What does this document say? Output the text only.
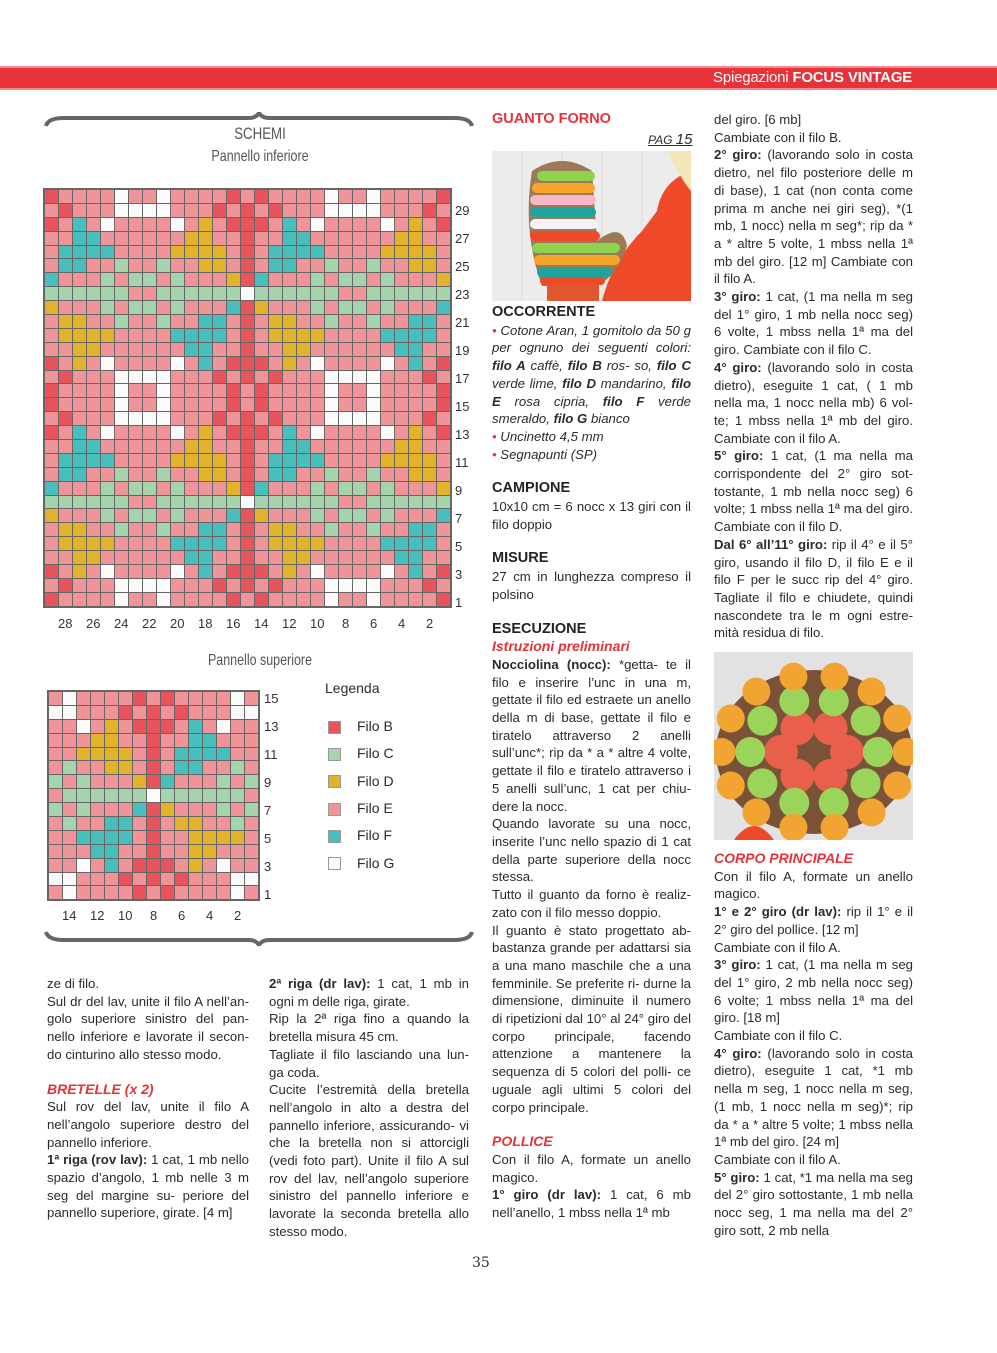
Spiegazioni FOCUS VINTAGE
SCHEMI
Pannello inferiore
29
27
25
23
21
19
17
15
13
11
9
7
5
3
1
28 26 24 22 20 18 16 14 12 10 8 6 4 2
Pannello superiore
15
13
11
9
7
5
3
1
14 12 10 8 6 4 2
Legenda
Filo B
Filo C
Filo D
Filo E
Filo F
Filo G

ze di filo.

Sul dr del lav, unite il filo A nell’an- golo superiore sinistro del pan- nello inferiore e lavorate il secon- do cinturino allo stesso modo.

BRETELLE (x 2)

Sul rov del lav, unite il filo A nell’angolo superiore destro del pannello inferiore.

1ª riga (rov lav): 1 cat, 1 mb nello spazio d’angolo, 1 mb nelle 3 m seg del margine su- periore del pannello superiore, girate. [4 m]

2ª riga (dr lav): 1 cat, 1 mb in ogni m delle riga, girate.

Rip la 2ª riga fino a quando la bretella misura 45 cm.

Tagliate il filo lasciando una lun- ga coda.

Cucite l’estremità della bretella nell’angolo in alto a destra del pannello inferiore, assicurando- vi che la bretella non si attorcigli (vedi foto part). Unite il filo A sul rov del lav, nell’angolo superiore sinistro del pannello inferiore e lavorate la seconda bretella allo stesso modo.

GUANTO FORNO

PAG 15

OCCORRENTE

• Cotone Aran, 1 gomitolo da 50 g per ognuno dei seguenti colori: filo A caffè, filo B ros- so, filo C verde lime, filo D mandarino, filo E rosa cipria, filo F verde smeraldo, filo G bianco

• Uncinetto 4,5 mm

• Segnapunti (SP)

CAMPIONE

10x10 cm = 6 nocc x 13 giri con il filo doppio

MISURE

27 cm in lunghezza compreso il polsino

ESECUZIONE

Istruzioni preliminari

Nocciolina (nocc): *getta- te il filo e inserire l’unc in una m, gettate il filo ed estraete un anello della m di base, gettate il filo e tiratelo attraverso 2 anelli sull’unc*; rip da * a * altre 4 volte, gettate il filo e tiratelo attraverso i 5 anelli sull’unc, 1 cat per chiu- dere la nocc.

Quando lavorate su una nocc, inserite l’unc nello spazio di 1 cat della parte superiore della nocc stessa.

Tutto il guanto da forno è realiz- zato con il filo messo doppio.

Il guanto è stato progettato ab- bastanza grande per adattarsi sia a una mano maschile che a una femminile. Se preferite ri- durne la dimensione, diminuite il numero di ripetizioni dal 10° al 24° giro del corpo principale, facendo attenzione a mantenere la sequenza di 5 colori del polli- ce uguale agli ultimi 5 colori del corpo principale.

POLLICE

Con il filo A, formate un anello magico.

1° giro (dr lav): 1 cat, 6 mb nell’anello, 1 mbss nella 1ª mb

del giro. [6 mb]

Cambiate con il filo B.

2° giro: (lavorando solo in costa dietro, nel filo posteriore delle m di base), 1 cat (non conta come prima m anche nei giri seg), *(1 mb, 1 nocc) nella m seg*; rip da * a * altre 5 volte, 1 mbss nella 1ª mb del giro. [12 m] Cambiate con il filo A.

3° giro: 1 cat, (1 ma nella m seg del 1° giro, 1 mb nella nocc seg) 6 volte, 1 mbss nella 1ª ma del giro. Cambiate con il filo C.

4° giro: (lavorando solo in costa dietro), eseguite 1 cat, ( 1 mb nella ma, 1 nocc nella mb) 6 vol- te; 1 mbss nella 1ª mb del giro. Cambiate con il filo A.

5° giro: 1 cat, (1 ma nella ma corrispondente del 2° giro sot- tostante, 1 mb nella nocc seg) 6 volte; 1 mbss nella 1ª ma del giro. Cambiate con il filo D.

Dal 6° all’11° giro: rip il 4° e il 5° giro, usando il filo D, il filo E e il filo F per le succ rip del 4° giro. Tagliate il filo e chiudete, quindi nascondete tra le m ogni estre- mità residua di filo.

CORPO PRINCIPALE

Con il filo A, formate un anello magico.

1° e 2° giro (dr lav): rip il 1° e il 2° giro del pollice. [12 m]

Cambiate con il filo A.

3° giro: 1 cat, (1 ma nella m seg del 1° giro, 2 mb nella nocc seg) 6 volte; 1 mbss nella 1ª ma del giro. [18 m]

Cambiate con il filo C.

4° giro: (lavorando solo in costa dietro), eseguite 1 cat, *1 mb nella m seg, 1 nocc nella m seg, (1 mb, 1 nocc nella m seg)*; rip da * a * altre 5 volte; 1 mbss nella 1ª mb del giro. [24 m]

Cambiate con il filo A.

5° giro: 1 cat, *1 ma nella ma seg del 2° giro sottostante, 1 mb nella nocc seg, 1 ma nella ma del 2° giro sott, 2 mb nella

35
